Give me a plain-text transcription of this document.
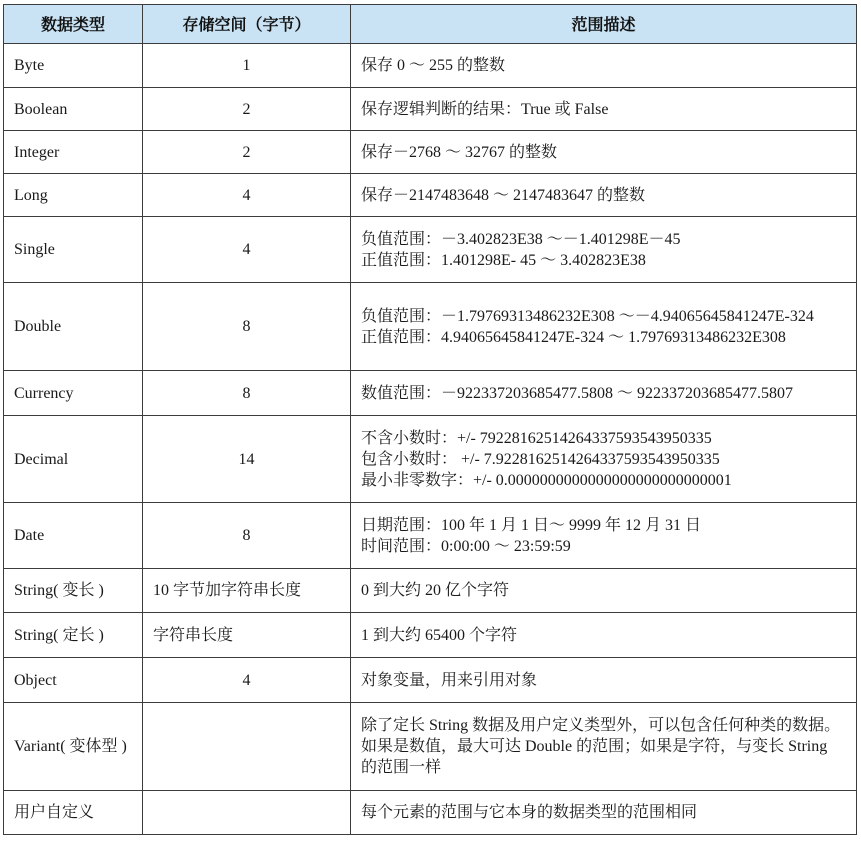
数据类型	存储空间（字节）	范围描述
Byte	1	保存 0 ～ 255 的整数

Boolean	2	保存逻辑判断的结果：True 或 False

Integer	2	保存－2768 ～ 32767 的整数

Long	4	保存－2147483648 ～ 2147483647 的整数

Single	4	负值范围：－3.402823E38 ～－1.401298E－45
正值范围：1.401298E- 45 ～ 3.402823E38

Double	8	负值范围：－1.79769313486232E308 ～－4.94065645841247E-324
正值范围：4.94065645841247E-324 ～ 1.79769313486232E308

Currency	8	数值范围：－922337203685477.5808 ～ 922337203685477.5807

Decimal	14	不含小数时：+/- 79228162514264337593543950335
包含小数时： +/- 7.9228162514264337593543950335
最小非零数字：+/- 0.0000000000000000000000000001

Date	8	日期范围：100 年 1 月 1 日～ 9999 年 12 月 31 日
时间范围：0:00:00 ～ 23:59:59

String( 变长 )	10 字节加字符串长度	0 到大约 20 亿个字符

String( 定长 )	字符串长度	1 到大约 65400 个字符

Object	4	对象变量，用来引用对象

Variant( 变体型 )		除了定长 String 数据及用户定义类型外，可以包含任何种类的数据。如果是数值，最大可达 Double 的范围；如果是字符，与变长 String 的范围一样

用户自定义		每个元素的范围与它本身的数据类型的范围相同
